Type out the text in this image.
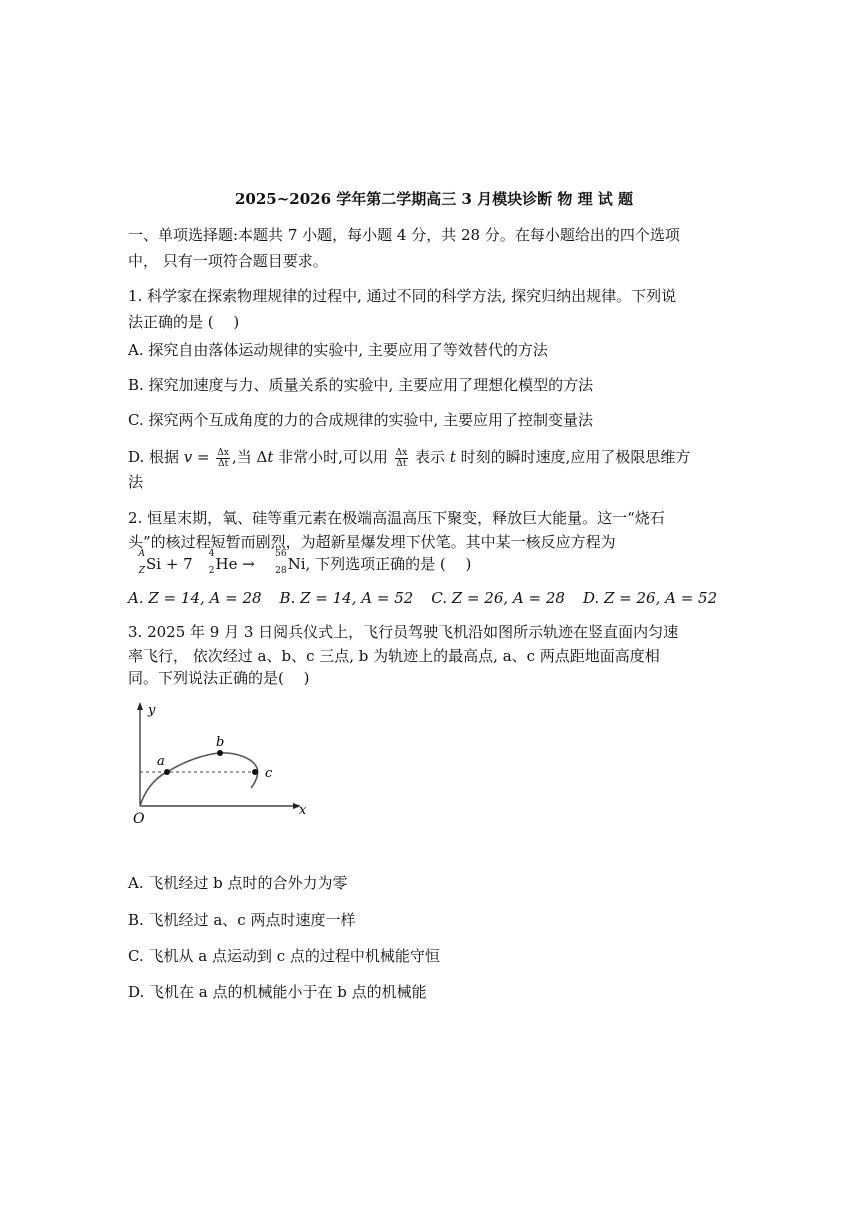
2025~2026 学年第二学期高三 3 月模块诊断 物 理 试 题
一、单项选择题:本题共 7 小题，每小题 4 分，共 28 分。在每小题给出的四个选项
中， 只有一项符合题目要求。
1. 科学家在探索物理规律的过程中, 通过不同的科学方法, 探究归纳出规律。下列说
法正确的是 (　 )
A. 探究自由落体运动规律的实验中, 主要应用了等效替代的方法
B. 探究加速度与力、质量关系的实验中, 主要应用了理想化模型的方法
C. 探究两个互成角度的力的合成规律的实验中, 主要应用了控制变量法
D. 根据 $v = \frac{\Delta x}{\Delta t}$ ,当 Δt 非常小时,可以用 $\frac{\Delta x}{\Delta t}$ 表示 t 时刻的瞬时速度,应用了极限思维方
法
2. 恒星末期，氧、硅等重元素在极端高温高压下聚变，释放巨大能量。这一“烧石
头”的核过程短暂而剧烈，为超新星爆发埋下伏笔。其中某一核反应方程为
A
Z Si + 7
4
2 He →
56
28 Ni, 下列选项正确的是 (　 )
A. Z = 14, A = 28 B. Z = 14, A = 52 C. Z = 26, A = 28 D. Z = 26, A = 52
3. 2025 年 9 月 3 日阅兵仪式上，飞行员驾驶飞机沿如图所示轨迹在竖直面内匀速
率飞行， 依次经过 a、b、c 三点, b 为轨迹上的最高点, a、c 两点距地面高度相
同。下列说法正确的是(　 )
y
x
O
a
b
c
A. 飞机经过 b 点时的合外力为零
B. 飞机经过 a、c 两点时速度一样
C. 飞机从 a 点运动到 c 点的过程中机械能守恒
D. 飞机在 a 点的机械能小于在 b 点的机械能
